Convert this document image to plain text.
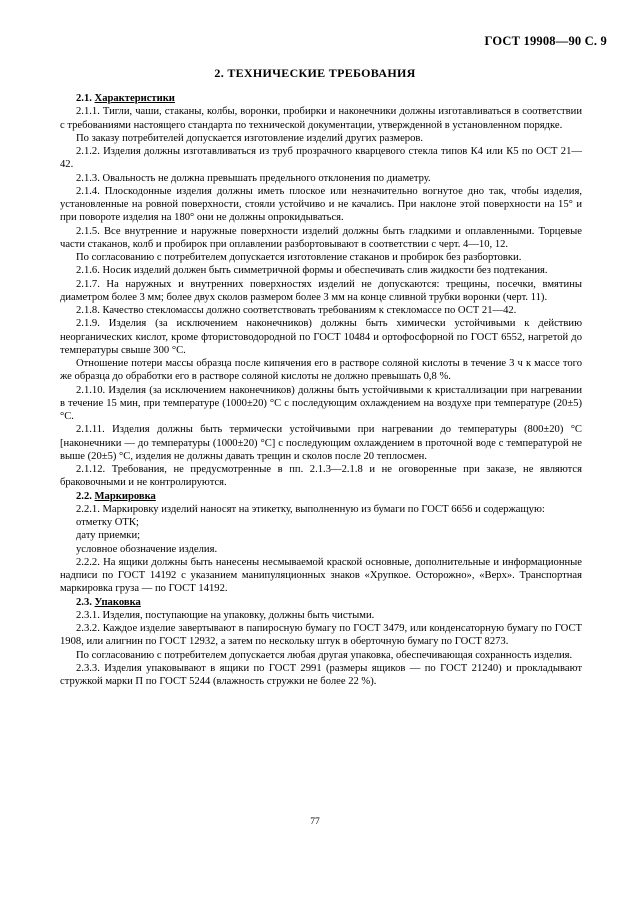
ГОСТ 19908—90 С. 9
2. ТЕХНИЧЕСКИЕ ТРЕБОВАНИЯ

2.1. Характеристики

2.1.1. Тигли, чаши, стаканы, колбы, воронки, пробирки и наконечники должны изготавливаться в соответствии с требованиями настоящего стандарта по технической документации, утвержденной в установленном порядке.

По заказу потребителей допускается изготовление изделий других размеров.

2.1.2. Изделия должны изготавливаться из труб прозрачного кварцевого стекла типов К4 или К5 по ОСТ 21—42.

2.1.3. Овальность не должна превышать предельного отклонения по диаметру.

2.1.4. Плоскодонные изделия должны иметь плоское или незначительно вогнутое дно так, чтобы изделия, установленные на ровной поверхности, стояли устойчиво и не качались. При наклоне этой поверхности на 15° и при повороте изделия на 180° они не должны опрокидываться.

2.1.5. Все внутренние и наружные поверхности изделий должны быть гладкими и оплавленными. Торцевые части стаканов, колб и пробирок при оплавлении разбортовывают в соответствии с черт. 4—10, 12.

По согласованию с потребителем допускается изготовление стаканов и пробирок без разбортовки.

2.1.6. Носик изделий должен быть симметричной формы и обеспечивать слив жидкости без подтекания.

2.1.7. На наружных и внутренних поверхностях изделий не допускаются: трещины, посечки, вмятины диаметром более 3 мм; более двух сколов размером более 3 мм на конце сливной трубки воронки (черт. 11).

2.1.8. Качество стекломассы должно соответствовать требованиям к стекломассе по ОСТ 21—42.

2.1.9. Изделия (за исключением наконечников) должны быть химически устойчивыми к действию неорганических кислот, кроме фтористоводородной по ГОСТ 10484 и ортофосфорной по ГОСТ 6552, нагретой до температуры свыше 300 °С.

Отношение потери массы образца после кипячения его в растворе соляной кислоты в течение 3 ч к массе того же образца до обработки его в растворе соляной кислоты не должно превышать 0,8 %.

2.1.10. Изделия (за исключением наконечников) должны быть устойчивыми к кристаллизации при нагревании в течение 15 мин, при температуре (1000±20) °С с последующим охлаждением на воздухе при температуре (20±5) °С.

2.1.11. Изделия должны быть термически устойчивыми при нагревании до температуры (800±20) °С [наконечники — до температуры (1000±20) °С] с последующим охлаждением в проточной воде с температурой не выше (20±5) °С, изделия не должны давать трещин и сколов после 20 теплосмен.

2.1.12. Требования, не предусмотренные в пп. 2.1.3—2.1.8 и не оговоренные при заказе, не являются браковочными и не контролируются.

2.2. Маркировка

2.2.1. Маркировку изделий наносят на этикетку, выполненную из бумаги по ГОСТ 6656 и содержащую:

отметку ОТК;

дату приемки;

условное обозначение изделия.

2.2.2. На ящики должны быть нанесены несмываемой краской основные, дополнительные и информационные надписи по ГОСТ 14192 с указанием манипуляционных знаков «Хрупкое. Осторожно», «Верх». Транспортная маркировка груза — по ГОСТ 14192.

2.3. Упаковка

2.3.1. Изделия, поступающие на упаковку, должны быть чистыми.

2.3.2. Каждое изделие завертывают в папиросную бумагу по ГОСТ 3479, или конденсаторную бумагу по ГОСТ 1908, или алигнин по ГОСТ 12932, а затем по нескольку штук в оберточную бумагу по ГОСТ 8273.

По согласованию с потребителем допускается любая другая упаковка, обеспечивающая сохранность изделия.

2.3.3. Изделия упаковывают в ящики по ГОСТ 2991 (размеры ящиков — по ГОСТ 21240) и прокладывают стружкой марки П по ГОСТ 5244 (влажность стружки не более 22 %).

77
